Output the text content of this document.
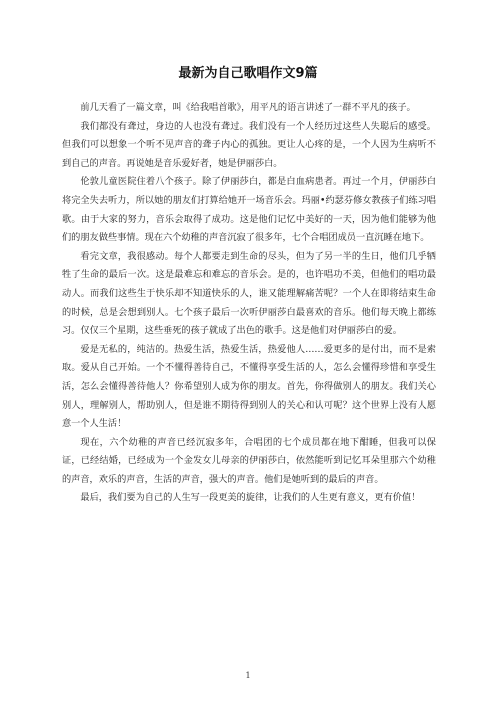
最新为自己歌唱作文9篇

前几天看了一篇文章，叫《给我唱首歌》，用平凡的语言讲述了一群不平凡的孩子。

我们都没有聋过，身边的人也没有聋过。我们没有一个人经历过这些人失聪后的感受。但我们可以想象一个听不见声音的聋子内心的孤独。更让人心疼的是，一个人因为生病听不到自己的声音。再说她是音乐爱好者，她是伊丽莎白。

伦敦儿童医院住着八个孩子。除了伊丽莎白，都是白血病患者。再过一个月，伊丽莎白将完全失去听力，所以她的朋友们打算给她开一场音乐会。玛丽•约瑟芬修女教孩子们练习唱歌。由于大家的努力，音乐会取得了成功。这是他们记忆中美好的一天，因为他们能够为他们的朋友做些事情。现在六个幼稚的声音沉寂了很多年，七个合唱团成员一直沉睡在地下。

看完文章，我很感动。每个人都要走到生命的尽头，但为了另一半的生日，他们几乎牺牲了生命的最后一次。这是最难忘和难忘的音乐会。是的，也许唱功不美，但他们的唱功最动人。而我们这些生于快乐却不知道快乐的人，谁又能理解痛苦呢？一个人在即将结束生命的时候，总是会想到别人。七个孩子最后一次听伊丽莎白最喜欢的音乐。他们每天晚上都练习。仅仅三个星期，这些垂死的孩子就成了出色的歌手。这是他们对伊丽莎白的爱。

爱是无私的，纯洁的。热爱生活，热爱生活，热爱他人……爱更多的是付出，而不是索取。爱从自己开始。一个不懂得善待自己，不懂得享受生活的人，怎么会懂得珍惜和享受生活，怎么会懂得善待他人？你希望别人成为你的朋友。首先，你得做别人的朋友。我们关心别人，理解别人，帮助别人，但是谁不期待得到别人的关心和认可呢？这个世界上没有人愿意一个人生活！

现在，六个幼稚的声音已经沉寂多年，合唱团的七个成员都在地下酣睡，但我可以保证，已经结婚，已经成为一个金发女儿母亲的伊丽莎白，依然能听到记忆耳朵里那六个幼稚的声音，欢乐的声音，生活的声音，强大的声音。他们是她听到的最后的声音。

最后，我们要为自己的人生写一段更美的旋律，让我们的人生更有意义，更有价值！

1
